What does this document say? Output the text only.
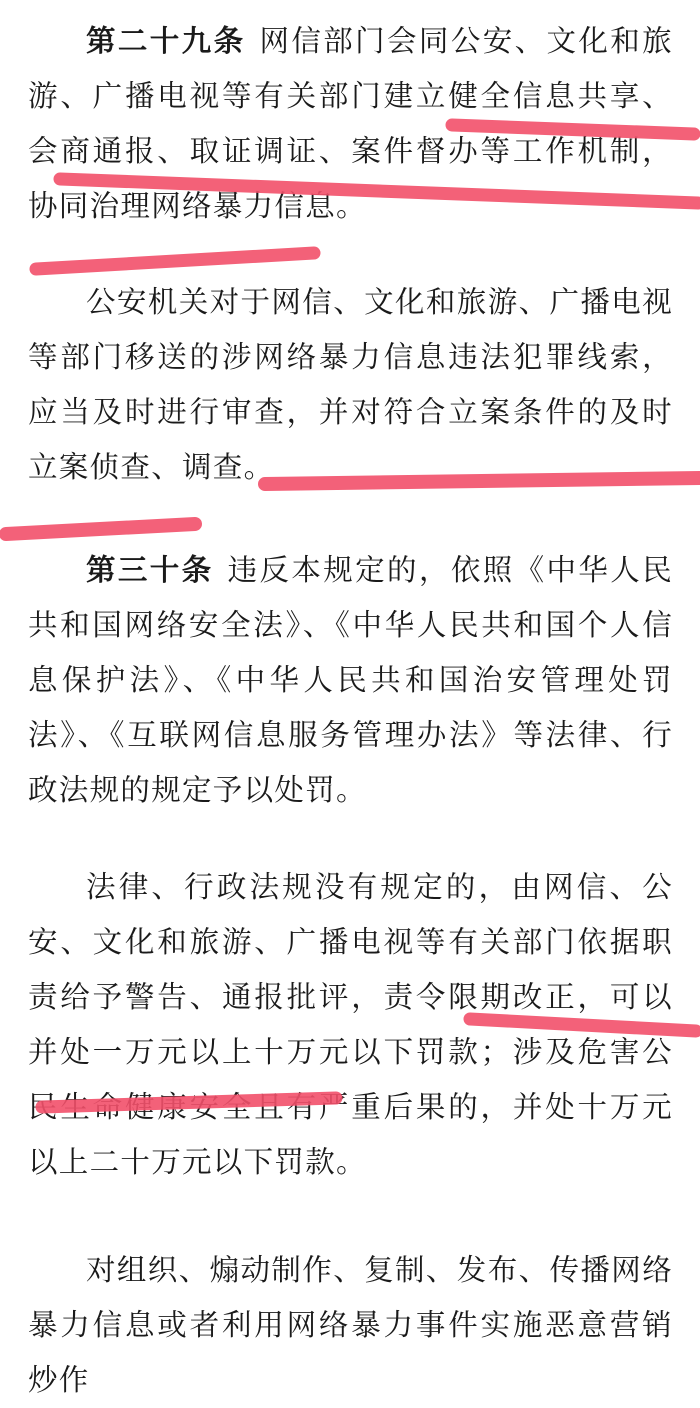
第二十九条 网信部门会同公安、文化和旅游、广播电视等有关部门建立健全信息共享、会商通报、取证调证、案件督办等工作机制，协同治理网络暴力信息。

公安机关对于网信、文化和旅游、广播电视等部门移送的涉网络暴力信息违法犯罪线索，应当及时进行审查，并对符合立案条件的及时立案侦查、调查。

第三十条 违反本规定的，依照《中华人民共和国网络安全法》、《中华人民共和国个人信息保护法》、《中华人民共和国治安管理处罚法》、《互联网信息服务管理办法》等法律、行政法规的规定予以处罚。

法律、行政法规没有规定的，由网信、公安、文化和旅游、广播电视等有关部门依据职责给予警告、通报批评，责令限期改正，可以并处一万元以上十万元以下罚款；涉及危害公民生命健康安全且有严重后果的，并处十万元以上二十万元以下罚款。

对组织、煽动制作、复制、发布、传播网络暴力信息或者利用网络暴力事件实施恶意营销炒作
